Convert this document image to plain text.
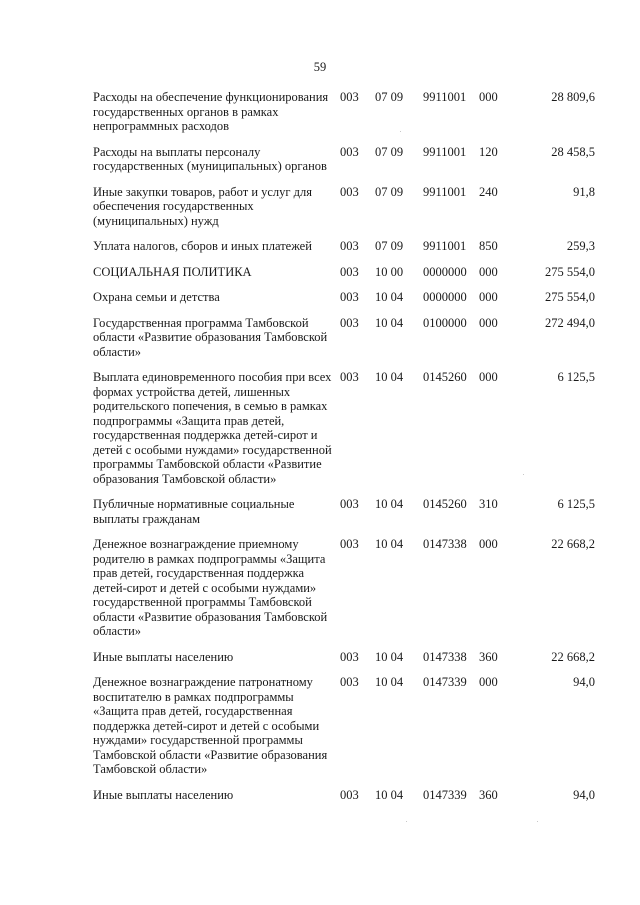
59
Расходы на обеспечение функционирования государственных органов в рамках непрограммных расходов
003	07 09	9911001	000	28 809,6
Расходы на выплаты персоналу государственных (муниципальных) органов
003	07 09	9911001	120	28 458,5
Иные закупки товаров, работ и услуг для обеспечения государственных (муниципальных) нужд
003	07 09	9911001	240	91,8
Уплата налогов, сборов и иных платежей	003	07 09	9911001	850	259,3
СОЦИАЛЬНАЯ ПОЛИТИКА	003	10 00	0000000 000	275 554,0
Охрана семьи и детства	003	10 04	0000000 000	275 554,0
Государственная программа Тамбовской области «Развитие образования Тамбовской области»
003	10 04	0100000 000	272 494,0
Выплата единовременного пособия при всех формах устройства детей, лишенных родительского попечения, в семью в рамках подпрограммы «Защита прав детей, государственная поддержка детей-сирот и детей с особыми нуждами» государственной программы Тамбовской области «Развитие образования Тамбовской области»
003	10 04	0145260 000	6 125,5
Публичные нормативные социальные выплаты гражданам
003	10 04	0145260 310	6 125,5
Денежное вознаграждение приемному родителю в рамках подпрограммы «Защита прав детей, государственная поддержка детей-сирот и детей с особыми нуждами» государственной программы Тамбовской области «Развитие образования Тамбовской области»
003	10 04	0147338 000	22 668,2
Иные выплаты населению	003	10 04	0147338 360	22 668,2
Денежное вознаграждение патронатному воспитателю в рамках подпрограммы «Защита прав детей, государственная поддержка детей-сирот и детей с особыми нуждами» государственной программы Тамбовской области «Развитие образования Тамбовской области»
003	10 04	0147339 000	94,0
Иные выплаты населению	003	10 04	0147339 360	94,0
